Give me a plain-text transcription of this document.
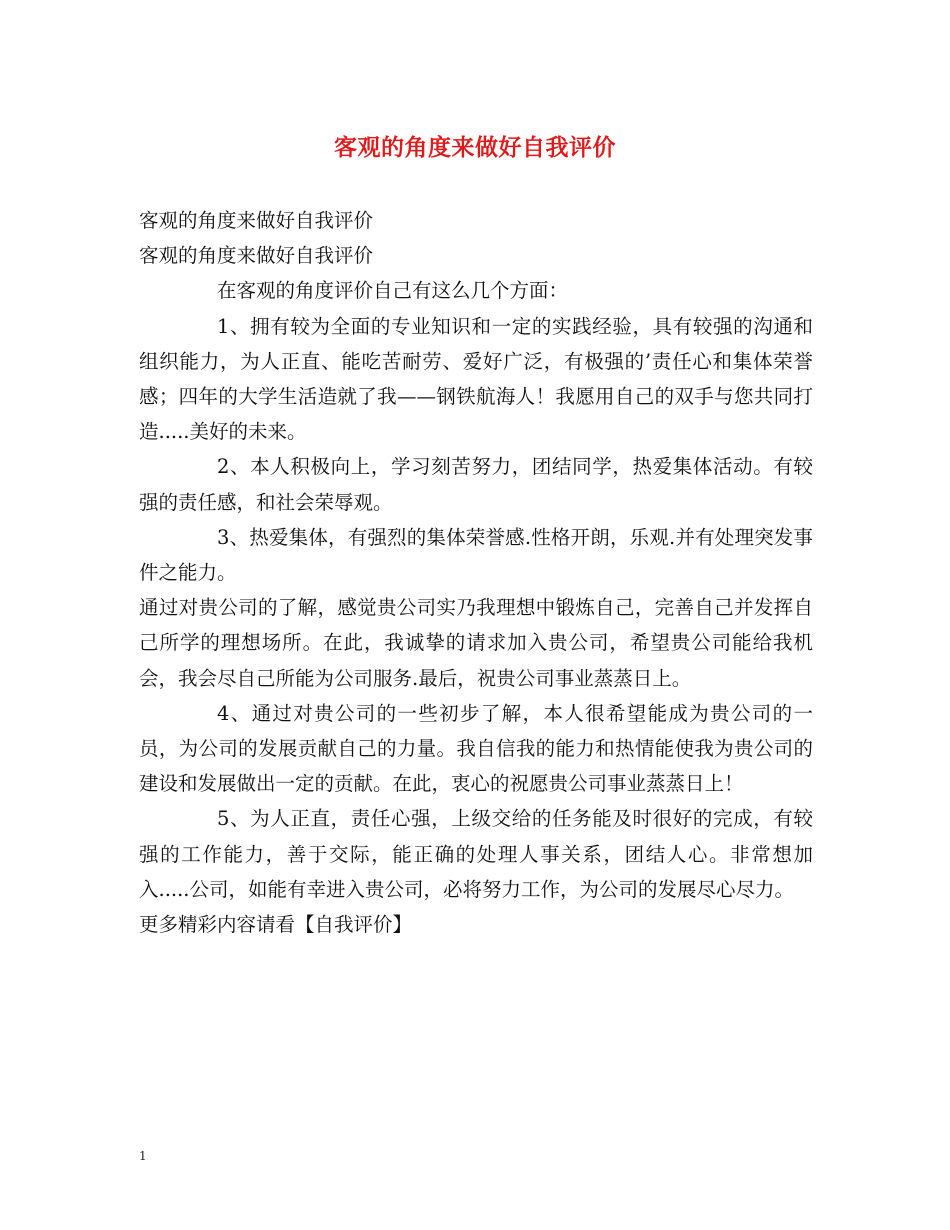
客观的角度来做好自我评价

客观的角度来做好自我评价

客观的角度来做好自我评价

在客观的角度评价自己有这么几个方面：

1、拥有较为全面的专业知识和一定的实践经验，具有较强的沟通和组织能力，为人正直、能吃苦耐劳、爱好广泛，有极强的’责任心和集体荣誉感；四年的大学生活造就了我——钢铁航海人！我愿用自己的双手与您共同打造.....美好的未来。

2、本人积极向上，学习刻苦努力，团结同学，热爱集体活动。有较强的责任感，和社会荣辱观。

3、热爱集体，有强烈的集体荣誉感.性格开朗，乐观.并有处理突发事件之能力。

通过对贵公司的了解，感觉贵公司实乃我理想中锻炼自己，完善自己并发挥自己所学的理想场所。在此，我诚挚的请求加入贵公司，希望贵公司能给我机会，我会尽自己所能为公司服务.最后，祝贵公司事业蒸蒸日上。

4、通过对贵公司的一些初步了解，本人很希望能成为贵公司的一员，为公司的发展贡献自己的力量。我自信我的能力和热情能使我为贵公司的建设和发展做出一定的贡献。在此，衷心的祝愿贵公司事业蒸蒸日上！

5、为人正直，责任心强，上级交给的任务能及时很好的完成，有较强的工作能力，善于交际，能正确的处理人事关系，团结人心。非常想加入.....公司，如能有幸进入贵公司，必将努力工作，为公司的发展尽心尽力。

更多精彩内容请看【自我评价】

1
